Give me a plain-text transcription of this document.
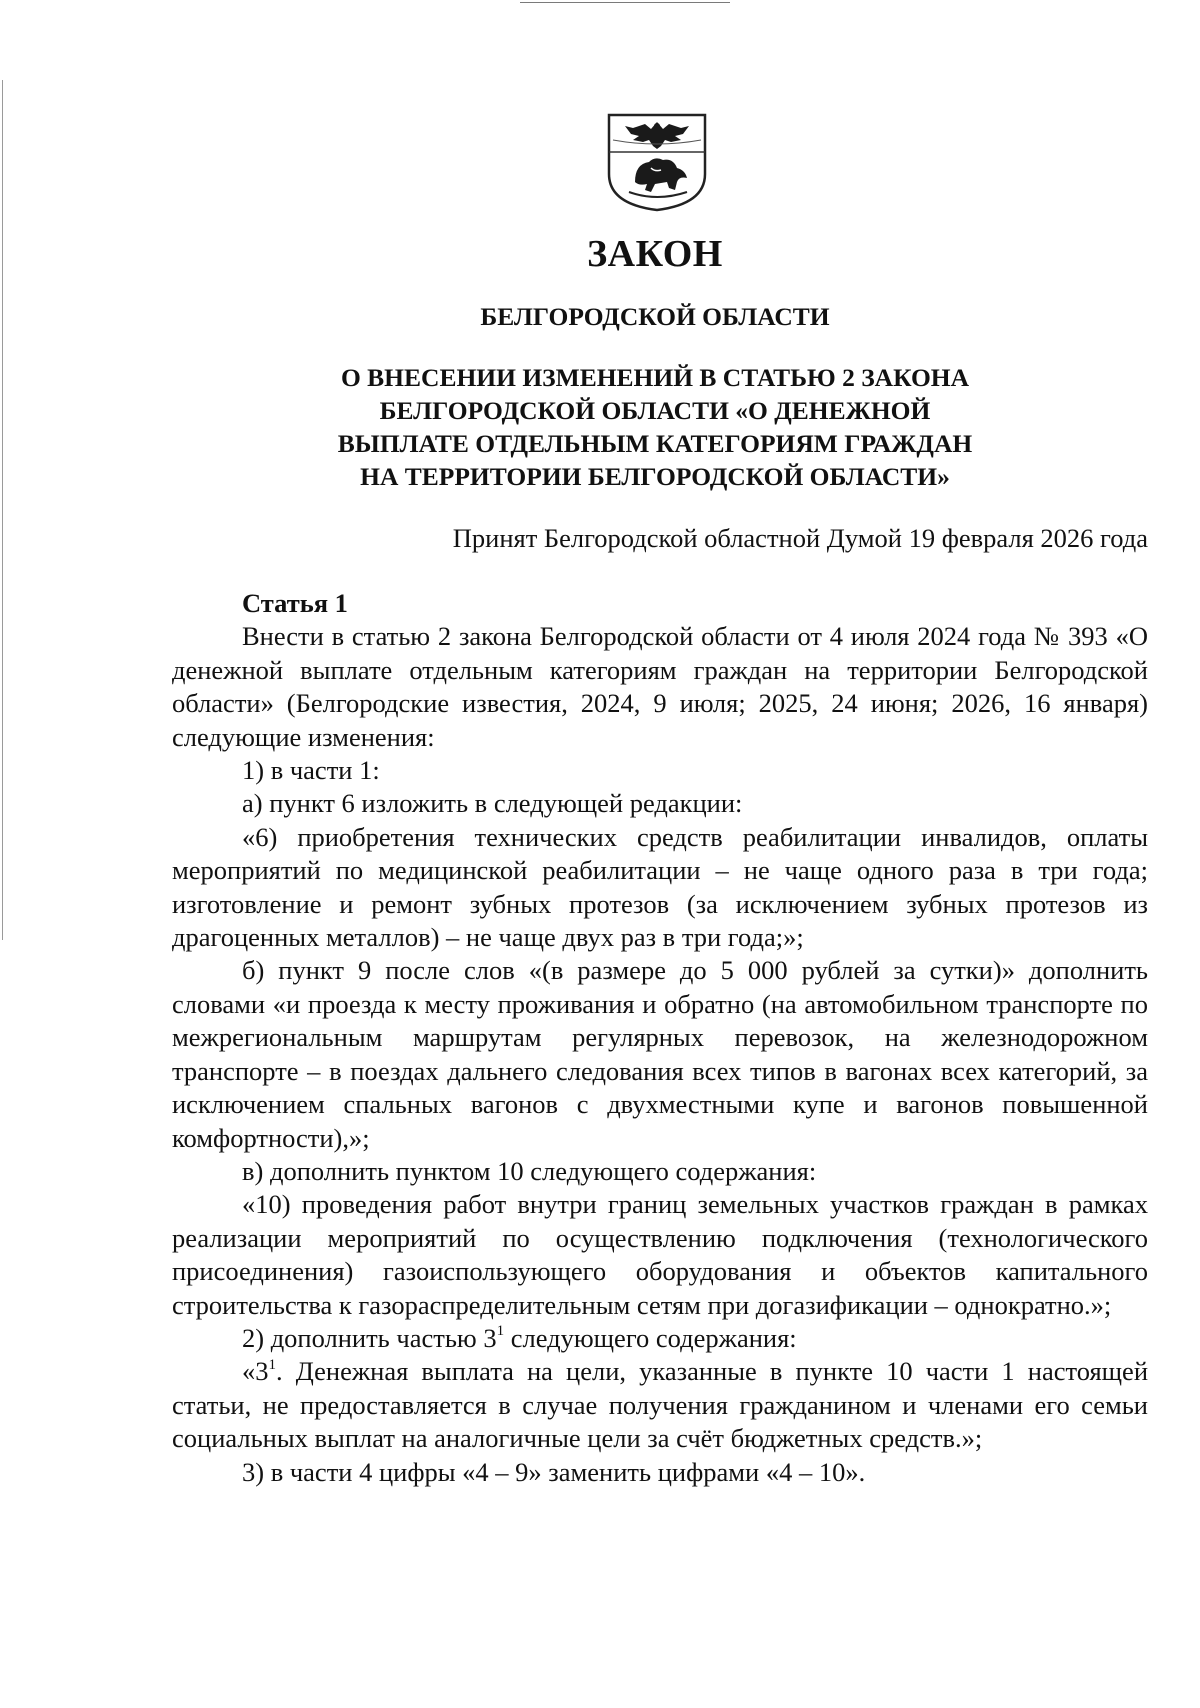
ЗАКОН
БЕЛГОРОДСКОЙ ОБЛАСТИ
О ВНЕСЕНИИ ИЗМЕНЕНИЙ В СТАТЬЮ 2 ЗАКОНА
БЕЛГОРОДСКОЙ ОБЛАСТИ «О ДЕНЕЖНОЙ
ВЫПЛАТЕ ОТДЕЛЬНЫМ КАТЕГОРИЯМ ГРАЖДАН
НА ТЕРРИТОРИИ БЕЛГОРОДСКОЙ ОБЛАСТИ»
Принят Белгородской областной Думой 19 февраля 2026 года

Статья 1

Внести в статью 2 закона Белгородской области от 4 июля 2024 года № 393 «О денежной выплате отдельным категориям граждан на территории Белгородской области» (Белгородские известия, 2024, 9 июля; 2025, 24 июня; 2026, 16 января) следующие изменения:

1) в части 1:

а) пункт 6 изложить в следующей редакции:

«6) приобретения технических средств реабилитации инвалидов, оплаты мероприятий по медицинской реабилитации – не чаще одного раза в три года; изготовление и ремонт зубных протезов (за исключением зубных протезов из драгоценных металлов) – не чаще двух раз в три года;»;

б) пункт 9 после слов «(в размере до 5 000 рублей за сутки)» дополнить словами «и проезда к месту проживания и обратно (на автомобильном транспорте по межрегиональным маршрутам регулярных перевозок, на железнодорожном транспорте – в поездах дальнего следования всех типов в вагонах всех категорий, за исключением спальных вагонов с двухместными купе и вагонов повышенной комфортности),»;

в) дополнить пунктом 10 следующего содержания:

«10) проведения работ внутри границ земельных участков граждан в рамках реализации мероприятий по осуществлению подключения (технологического присоединения) газоиспользующего оборудования и объектов капитального строительства к газораспределительным сетям при догазификации – однократно.»;

2) дополнить частью $3^1$ следующего содержания:

«$3^1$. Денежная выплата на цели, указанные в пункте 10 части 1 настоящей статьи, не предоставляется в случае получения гражданином и членами его семьи социальных выплат на аналогичные цели за счёт бюджетных средств.»;

3) в части 4 цифры «4 – 9» заменить цифрами «4 – 10».
